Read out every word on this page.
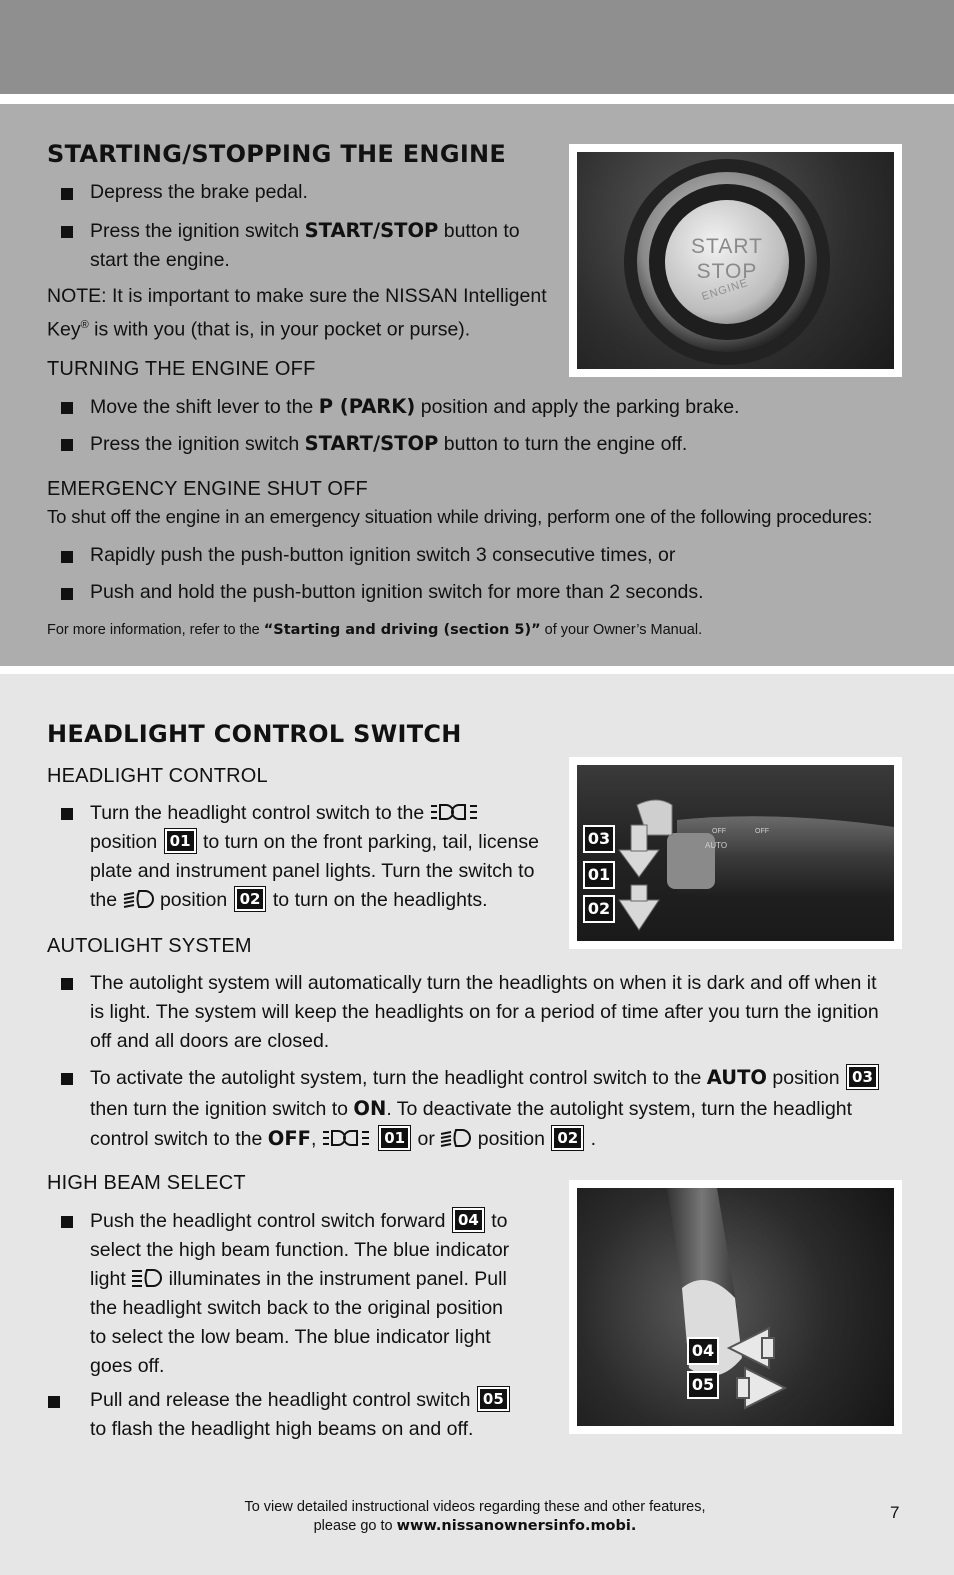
STARTING/STOPPING THE ENGINE
Depress the brake pedal.
Press the ignition switch START/STOP button to
start the engine.
NOTE: It is important to make sure the NISSAN Intelligent
Key® is with you (that is, in your pocket or purse).
TURNING THE ENGINE OFF
Move the shift lever to the P (PARK) position and apply the parking brake.
Press the ignition switch START/STOP button to turn the engine off.
EMERGENCY ENGINE SHUT OFF
To shut off the engine in an emergency situation while driving, perform one of the following procedures:
Rapidly push the push-button ignition switch 3 consecutive times, or
Push and hold the push-button ignition switch for more than 2 seconds.
For more information, refer to the “Starting and driving (section 5)” of your Owner’s Manual.
START
STOP
ENGINE
HEADLIGHT CONTROL SWITCH
HEADLIGHT CONTROL
Turn the headlight control switch to the
position 01 to turn on the front parking, tail, license
plate and instrument panel lights. Turn the switch to
the position 02 to turn on the headlights.
OFF	OFF
AUTO
03
01
02
AUTOLIGHT SYSTEM
The autolight system will automatically turn the headlights on when it is dark and off when it
is light. The system will keep the headlights on for a period of time after you turn the ignition
off and all doors are closed.
To activate the autolight system, turn the headlight control switch to the AUTO position 03
then turn the ignition switch to ON. To deactivate the autolight system, turn the headlight
control switch to the OFF,	01 or position 02 .
HIGH BEAM SELECT
Push the headlight control switch forward 04 to
select the high beam function. The blue indicator
light illuminates in the instrument panel. Pull
the headlight switch back to the original position
to select the low beam. The blue indicator light
goes off.
Pull and release the headlight control switch 05
to flash the headlight high beams on and off.
04
05
To view detailed instructional videos regarding these and other features,
please go to www.nissanownersinfo.mobi.
7
